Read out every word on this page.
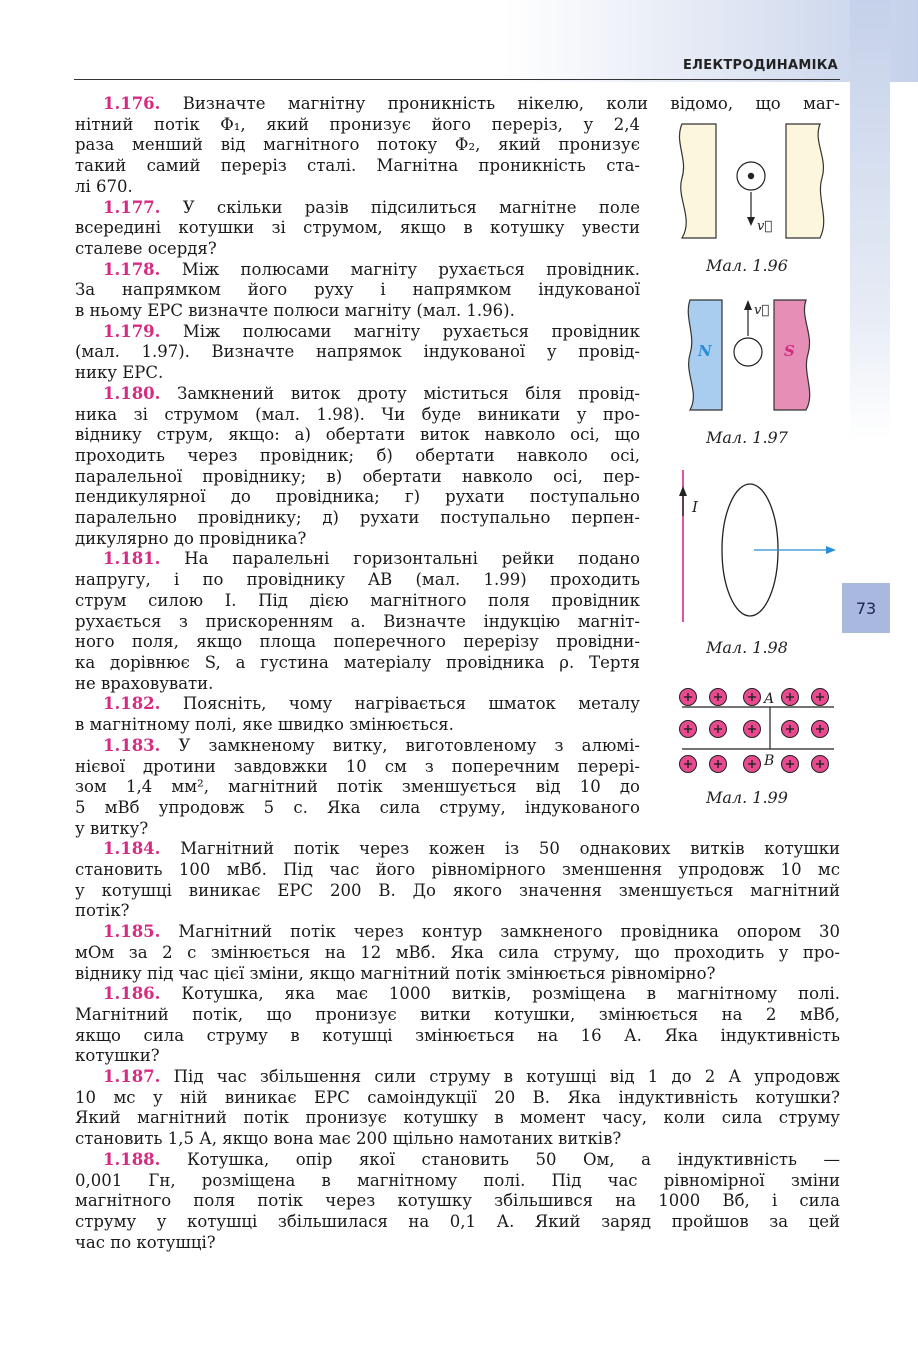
ЕЛЕКТРОДИНАМІКА
73
1.176. Визначте магнітну проникність нікелю, коли відомо, що маг-
нітний потік Φ₁, який пронизує його переріз, у 2,4
раза менший від магнітного потоку Φ₂, який пронизує
такий самий переріз сталі. Магнітна проникність ста-
лі 670.
1.177. У скільки разів підсилиться магнітне поле
всередині котушки зі струмом, якщо в котушку увести
сталеве осердя?
1.178. Між полюсами магніту рухається провідник.
За напрямком його руху і напрямком індукованої
в ньому ЕРС визначте полюси магніту (мал. 1.96).
1.179. Між полюсами магніту рухається провідник
(мал. 1.97). Визначте напрямок індукованої у провід-
нику ЕРС.
1.180. Замкнений виток дроту міститься біля провід-
ника зі струмом (мал. 1.98). Чи буде виникати у про-
віднику струм, якщо: а) обертати виток навколо осі, що
проходить через провідник; б) обертати навколо осі,
паралельної провіднику; в) обертати навколо осі, пер-
пендикулярної до провідника; г) рухати поступально
паралельно провіднику; д) рухати поступально перпен-
дикулярно до провідника?
1.181. На паралельні горизонтальні рейки подано
напругу, і по провіднику AB (мал. 1.99) проходить
струм силою I. Під дією магнітного поля провідник
рухається з прискоренням a. Визначте індукцію магніт-
ного поля, якщо площа поперечного перерізу провідни-
ка дорівнює S, а густина матеріалу провідника ρ. Тертя
не враховувати.
1.182. Поясніть, чому нагрівається шматок металу
в магнітному полі, яке швидко змінюється.
1.183. У замкненому витку, виготовленому з алюмі-
нієвої дротини завдовжки 10 см з поперечним перері-
зом 1,4 мм², магнітний потік зменшується від 10 до
5 мВб упродовж 5 с. Яка сила струму, індукованого
у витку?
1.184. Магнітний потік через кожен із 50 однакових витків котушки
становить 100 мВб. Під час його рівномірного зменшення упродовж 10 мс
у котушці виникає ЕРС 200 В. До якого значення зменшується магнітний
потік?
1.185. Магнітний потік через контур замкненого провідника опором 30
мОм за 2 с змінюється на 12 мВб. Яка сила струму, що проходить у про-
віднику під час цієї зміни, якщо магнітний потік змінюється рівномірно?
1.186. Котушка, яка має 1000 витків, розміщена в магнітному полі.
Магнітний потік, що пронизує витки котушки, змінюється на 2 мВб,
якщо сила струму в котушці змінюється на 16 А. Яка індуктивність
котушки?
1.187. Під час збільшення сили струму в котушці від 1 до 2 А упродовж
10 мс у ній виникає ЕРС самоіндукції 20 В. Яка індуктивність котушки?
Який магнітний потік пронизує котушку в момент часу, коли сила струму
становить 1,5 А, якщо вона має 200 щільно намотаних витків?
1.188. Котушка, опір якої становить 50 Ом, а індуктивність —
0,001 Гн, розміщена в магнітному полі. Під час рівномірної зміни
магнітного поля потік через котушку збільшився на 1000 Вб, і сила
струму у котушці збільшилася на 0,1 А. Який заряд пройшов за цей
час по котушці?
v⃗
Мал. 1.96
N	S
v⃗
Мал. 1.97
I
Мал. 1.98
A
B
Мал. 1.99
